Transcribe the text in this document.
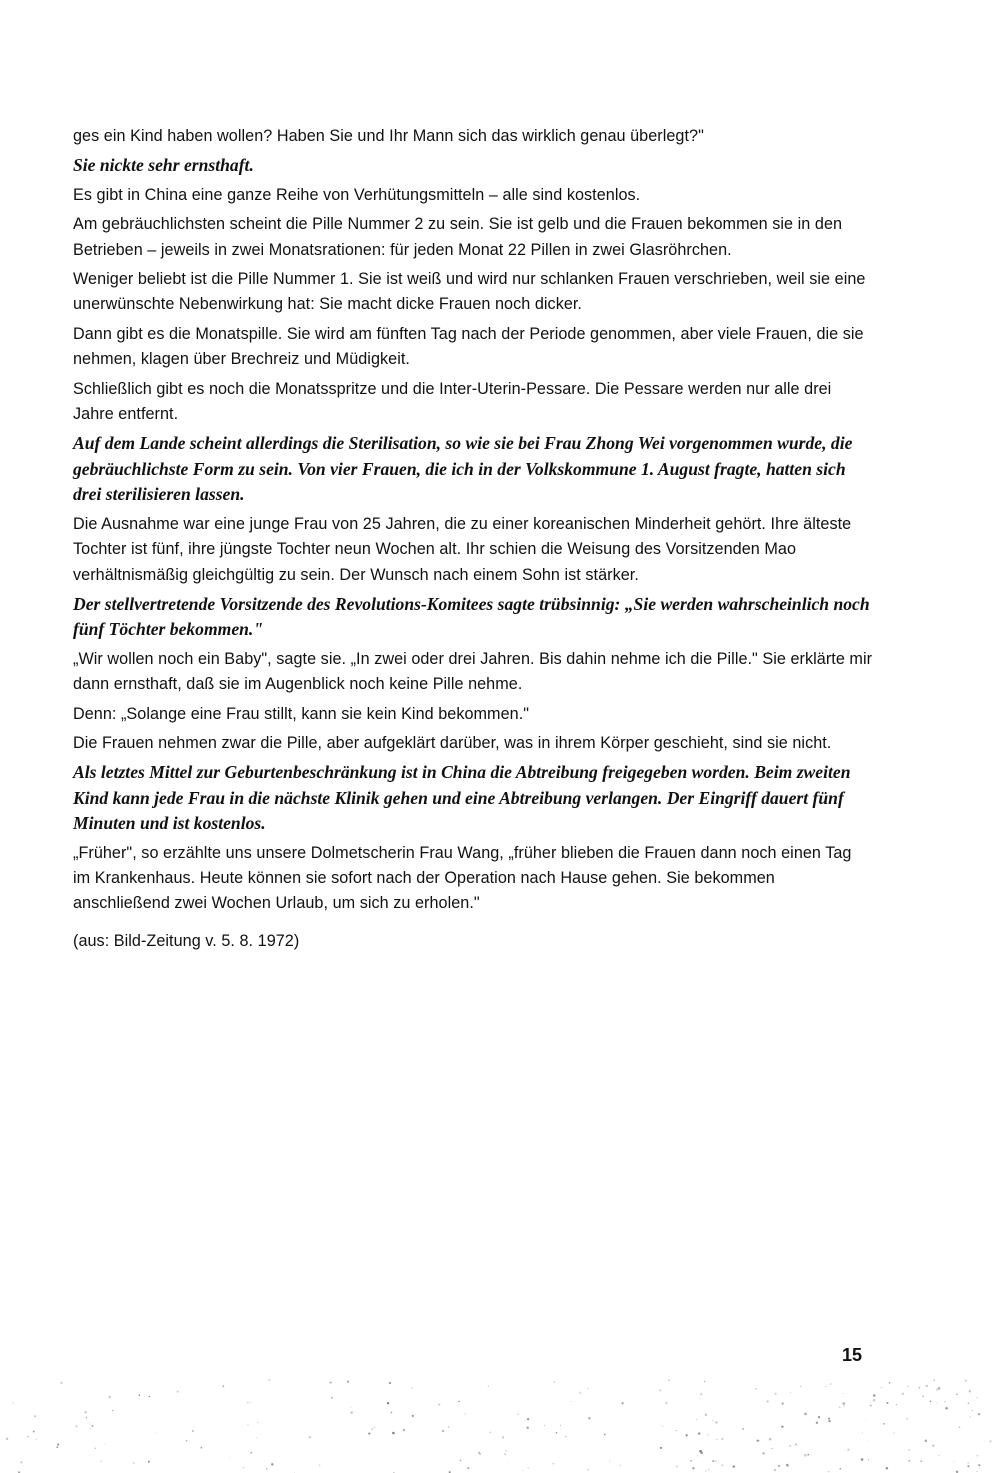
ges ein Kind haben wollen? Haben Sie und Ihr Mann sich das wirklich genau überlegt?"

Sie nickte sehr ernsthaft.

Es gibt in China eine ganze Reihe von Verhütungsmitteln – alle sind kostenlos.

Am gebräuchlichsten scheint die Pille Nummer 2 zu sein. Sie ist gelb und die Frauen bekommen sie in den Betrieben – jeweils in zwei Monatsrationen: für jeden Monat 22 Pillen in zwei Glasröhrchen.

Weniger beliebt ist die Pille Nummer 1. Sie ist weiß und wird nur schlanken Frauen verschrieben, weil sie eine unerwünschte Nebenwirkung hat: Sie macht dicke Frauen noch dicker.

Dann gibt es die Monatspille. Sie wird am fünften Tag nach der Periode genommen, aber viele Frauen, die sie nehmen, klagen über Brechreiz und Müdigkeit.

Schließlich gibt es noch die Monatsspritze und die Inter-Uterin-Pessare. Die Pessare werden nur alle drei Jahre entfernt.

Auf dem Lande scheint allerdings die Sterilisation, so wie sie bei Frau Zhong Wei vorgenommen wurde, die gebräuchlichste Form zu sein. Von vier Frauen, die ich in der Volkskommune 1. August fragte, hatten sich drei sterilisieren lassen.

Die Ausnahme war eine junge Frau von 25 Jahren, die zu einer koreanischen Minderheit gehört. Ihre älteste Tochter ist fünf, ihre jüngste Tochter neun Wochen alt. Ihr schien die Weisung des Vorsitzenden Mao verhältnismäßig gleichgültig zu sein. Der Wunsch nach einem Sohn ist stärker.

Der stellvertretende Vorsitzende des Revolutions-Komitees sagte trübsinnig: „Sie werden wahrscheinlich noch fünf Töchter bekommen."

„Wir wollen noch ein Baby", sagte sie. „In zwei oder drei Jahren. Bis dahin nehme ich die Pille." Sie erklärte mir dann ernsthaft, daß sie im Augenblick noch keine Pille nehme.

Denn: „Solange eine Frau stillt, kann sie kein Kind bekommen."

Die Frauen nehmen zwar die Pille, aber aufgeklärt darüber, was in ihrem Körper geschieht, sind sie nicht.

Als letztes Mittel zur Geburtenbeschränkung ist in China die Abtreibung freigegeben worden. Beim zweiten Kind kann jede Frau in die nächste Klinik gehen und eine Abtreibung verlangen. Der Eingriff dauert fünf Minuten und ist kostenlos.

„Früher", so erzählte uns unsere Dolmetscherin Frau Wang, „früher blieben die Frauen dann noch einen Tag im Krankenhaus. Heute können sie sofort nach der Operation nach Hause gehen. Sie bekommen anschließend zwei Wochen Urlaub, um sich zu erholen."

(aus: Bild-Zeitung v. 5. 8. 1972)

15
